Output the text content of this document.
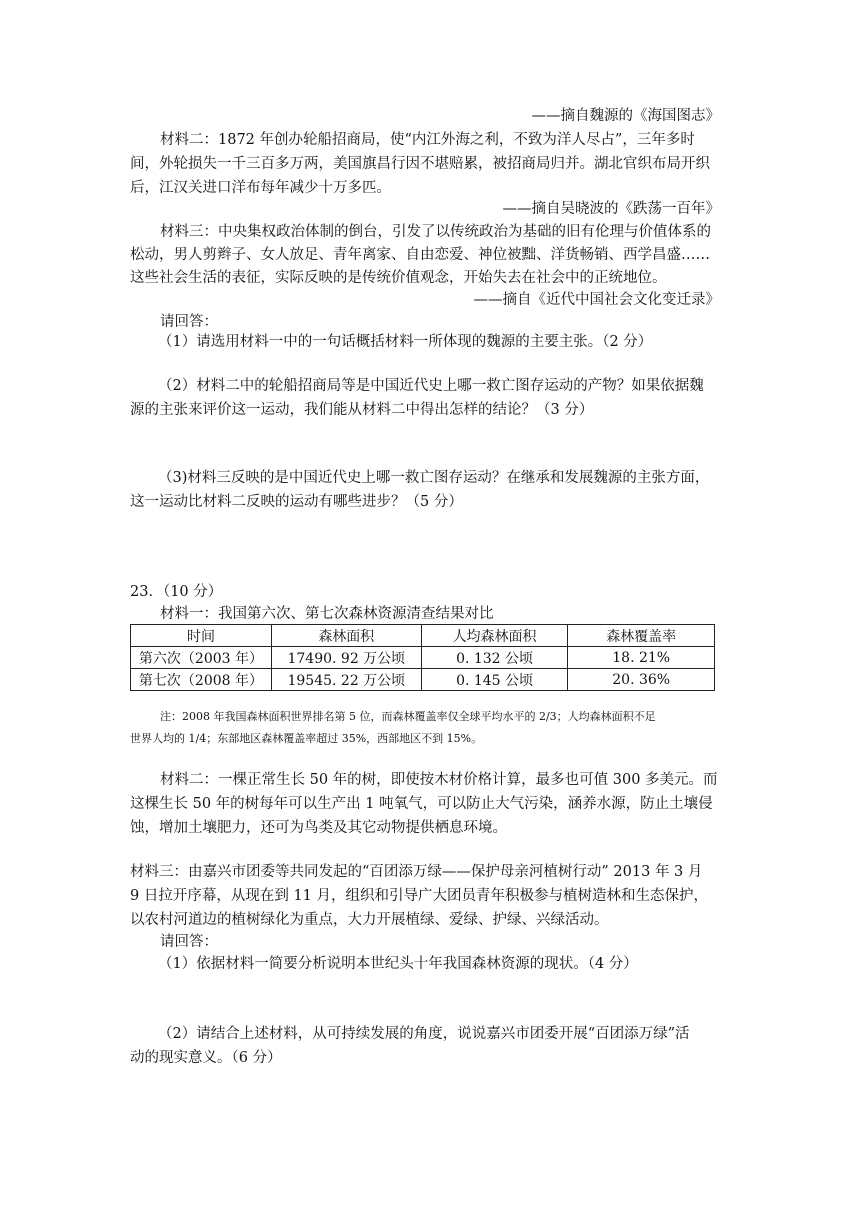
——摘自魏源的《海国图志》
材料二：1872 年创办轮船招商局，使“内江外海之利，不致为洋人尽占”，三年多时
间，外轮损失一千三百多万两，美国旗昌行因不堪赔累，被招商局归并。湖北官织布局开织
后，江汉关进口洋布每年减少十万多匹。
——摘自吴晓波的《跌荡一百年》
材料三：中央集权政治体制的倒台，引发了以传统政治为基础的旧有伦理与价值体系的
松动，男人剪辫子、女人放足、青年离家、自由恋爱、神位被黜、洋货畅销、西学昌盛……
这些社会生活的表征，实际反映的是传统价值观念，开始失去在社会中的正统地位。
——摘自《近代中国社会文化变迁录》
请回答：
（1）请选用材料一中的一句话概括材料一所体现的魏源的主要主张。（2 分）
（2）材料二中的轮船招商局等是中国近代史上哪一救亡图存运动的产物？如果依据魏
源的主张来评价这一运动，我们能从材料二中得出怎样的结论？（3 分）
（3)材料三反映的是中国近代史上哪一救亡图存运动？在继承和发展魏源的主张方面，
这一运动比材料二反映的运动有哪些进步？（5 分）
23．（10 分）
材料一：我国第六次、第七次森林资源清查结果对比
时间	森林面积	人均森林面积	森林覆盖率
第六次（2003 年）	17490. 92 万公顷	0. 132 公顷	18. 21%
第七次（2008 年）	19545. 22 万公顷	0. 145 公顷	20. 36%
注：2008 年我国森林面积世界排名第 5 位，而森林覆盖率仅全球平均水平的 2/3；人均森林面积不足
世界人均的 1/4；东部地区森林覆盖率超过 35%，西部地区不到 15%。
材料二：一棵正常生长 50 年的树，即使按木材价格计算，最多也可值 300 多美元。而
这棵生长 50 年的树每年可以生产出 1 吨氧气，可以防止大气污染，涵养水源，防止土壤侵
蚀，增加土壤肥力，还可为鸟类及其它动物提供栖息环境。
材料三：由嘉兴市团委等共同发起的“百团添万绿——保护母亲河植树行动” 2013 年 3 月
9 日拉开序幕，从现在到 11 月，组织和引导广大团员青年积极参与植树造林和生态保护，
以农村河道边的植树绿化为重点，大力开展植绿、爱绿、护绿、兴绿活动。
请回答：
（1）依据材料一简要分析说明本世纪头十年我国森林资源的现状。（4 分）
（2）请结合上述材料，从可持续发展的角度，说说嘉兴市团委开展“百团添万绿”活
动的现实意义。（6 分）
